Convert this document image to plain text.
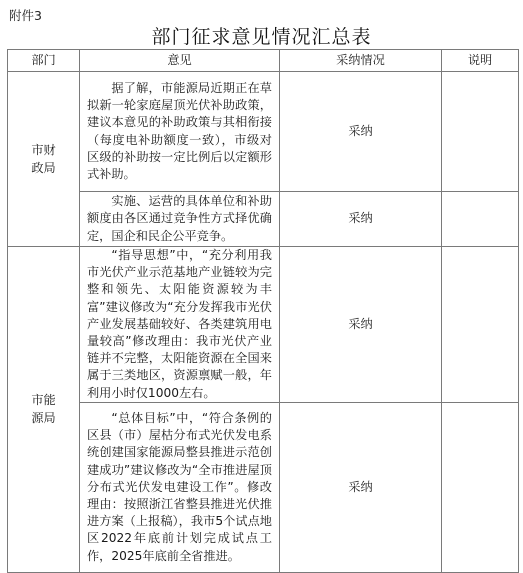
附件3
部门征求意见情况汇总表
部门	意见	采纳情况	说明
市财政局	据了解，市能源局近期正在草拟新一轮家庭屋顶光伏补助政策，建议本意见的补助政策与其相衔接（每度电补助额度一致），市级对区级的补助按一定比例后以定额形式补助。	采纳	

	实施、运营的具体单位和补助额度由各区通过竞争性方式择优确定，国企和民企公平竞争。	采纳	
市能源局	“指导思想”中，“充分利用我市光伏产业示范基地产业链较为完整和领先、太阳能资源较为丰富”建议修改为“充分发挥我市光伏产业发展基础较好、各类建筑用电量较高”修改理由：我市光伏产业链并不完整，太阳能资源在全国来属于三类地区，资源禀赋一般，年利用小时仅1000左右。	采纳	

	“总体目标”中，“符合条例的区县（市）屋枯分布式光伏发电系统创建国家能源局整县推进示范创建成功”建议修改为“全市推进屋顶分布式光伏发电建设工作”。修改理由：按照浙江省整县推进光伏推进方案（上报稿），我市5个试点地区2022年底前计划完成试点工作，2025年底前全省推进。	采纳	
